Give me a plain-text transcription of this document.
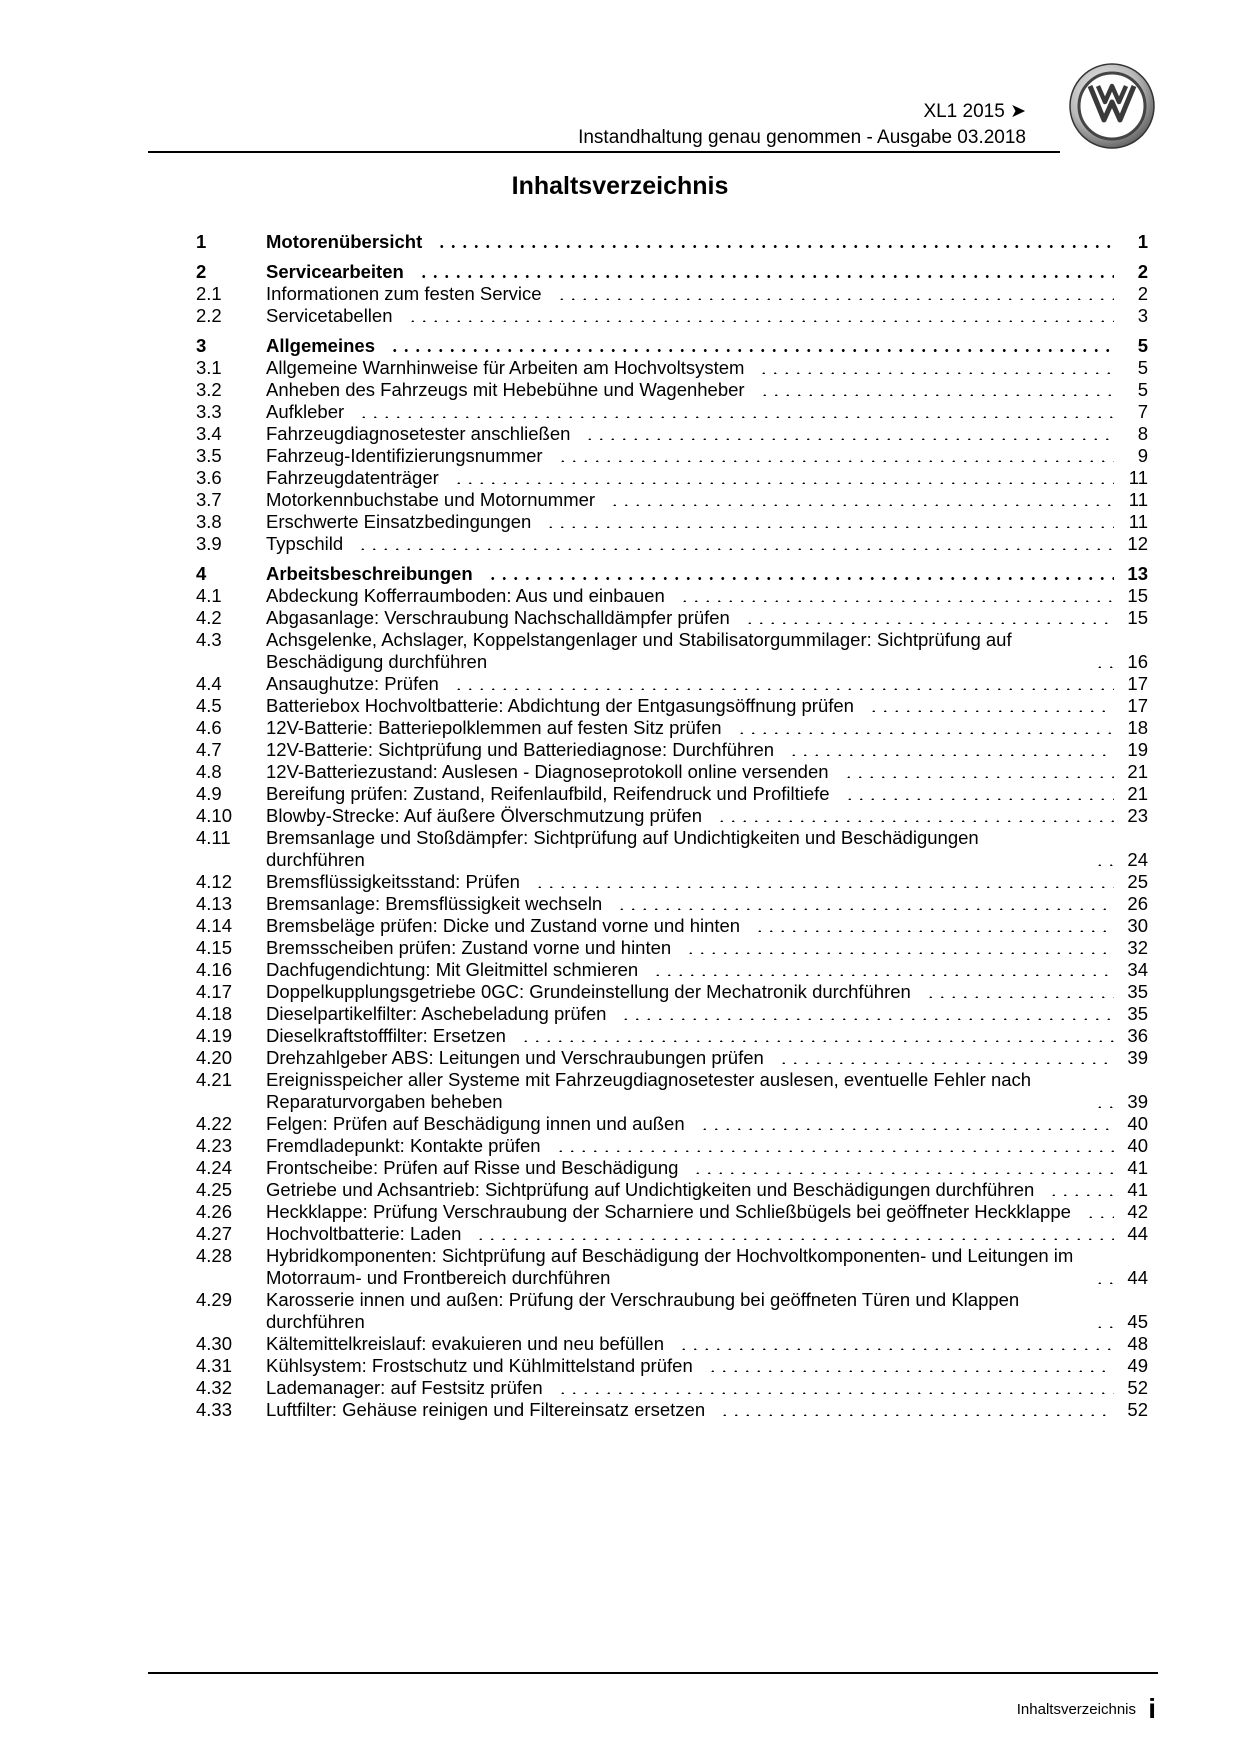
XL1 2015 ➤
Instandhaltung genau genommen - Ausgabe 03.2018
Inhaltsverzeichnis
1	Motorenübersicht	1
2	Servicearbeiten	2
2.1	Informationen zum festen Service	2
2.2	Servicetabellen	3
3	Allgemeines	5
3.1	Allgemeine Warnhinweise für Arbeiten am Hochvoltsystem	5
3.2	Anheben des Fahrzeugs mit Hebebühne und Wagenheber	5
3.3	Aufkleber	7
3.4	Fahrzeugdiagnosetester anschließen	8
3.5	Fahrzeug-Identifizierungsnummer	9
3.6	Fahrzeugdatenträger	11
3.7	Motorkennbuchstabe und Motornummer	11
3.8	Erschwerte Einsatzbedingungen	11
3.9	Typschild	12
4	Arbeitsbeschreibungen	13
4.1	Abdeckung Kofferraumboden: Aus und einbauen	15
4.2	Abgasanlage: Verschraubung Nachschalldämpfer prüfen	15
4.3	Achsgelenke, Achslager, Koppelstangenlager und Stabilisatorgummilager: Sichtprüfung auf Beschädigung durchführen	16
4.4	Ansaughutze: Prüfen	17
4.5	Batteriebox Hochvoltbatterie: Abdichtung der Entgasungsöffnung prüfen	17
4.6	12V-Batterie: Batteriepolklemmen auf festen Sitz prüfen	18
4.7	12V-Batterie: Sichtprüfung und Batteriediagnose: Durchführen	19
4.8	12V-Batteriezustand: Auslesen - Diagnoseprotokoll online versenden	21
4.9	Bereifung prüfen: Zustand, Reifenlaufbild, Reifendruck und Profiltiefe	21
4.10	Blowby-Strecke: Auf äußere Ölverschmutzung prüfen	23
4.11	Bremsanlage und Stoßdämpfer: Sichtprüfung auf Undichtigkeiten und Beschädigungen durchführen	24
4.12	Bremsflüssigkeitsstand: Prüfen	25
4.13	Bremsanlage: Bremsflüssigkeit wechseln	26
4.14	Bremsbeläge prüfen: Dicke und Zustand vorne und hinten	30
4.15	Bremsscheiben prüfen: Zustand vorne und hinten	32
4.16	Dachfugendichtung: Mit Gleitmittel schmieren	34
4.17	Doppelkupplungsgetriebe 0GC: Grundeinstellung der Mechatronik durchführen	35
4.18	Dieselpartikelfilter: Aschebeladung prüfen	35
4.19	Dieselkraftstofffilter: Ersetzen	36
4.20	Drehzahlgeber ABS: Leitungen und Verschraubungen prüfen	39
4.21	Ereignisspeicher aller Systeme mit Fahrzeugdiagnosetester auslesen, eventuelle Fehler nach Reparaturvorgaben beheben	39
4.22	Felgen: Prüfen auf Beschädigung innen und außen	40
4.23	Fremdladepunkt: Kontakte prüfen	40
4.24	Frontscheibe: Prüfen auf Risse und Beschädigung	41
4.25	Getriebe und Achsantrieb: Sichtprüfung auf Undichtigkeiten und Beschädigungen durchführen	41
4.26	Heckklappe: Prüfung Verschraubung der Scharniere und Schließbügels bei geöffneter Heckklappe	42
4.27	Hochvoltbatterie: Laden	44
4.28	Hybridkomponenten: Sichtprüfung auf Beschädigung der Hochvoltkomponenten- und Leitungen im Motorraum- und Frontbereich durchführen	44
4.29	Karosserie innen und außen: Prüfung der Verschraubung bei geöffneten Türen und Klappen durchführen	45
4.30	Kältemittelkreislauf: evakuieren und neu befüllen	48
4.31	Kühlsystem: Frostschutz und Kühlmittelstand prüfen	49
4.32	Lademanager: auf Festsitz prüfen	52
4.33	Luftfilter: Gehäuse reinigen und Filtereinsatz ersetzen	52
Inhaltsverzeichnis i
